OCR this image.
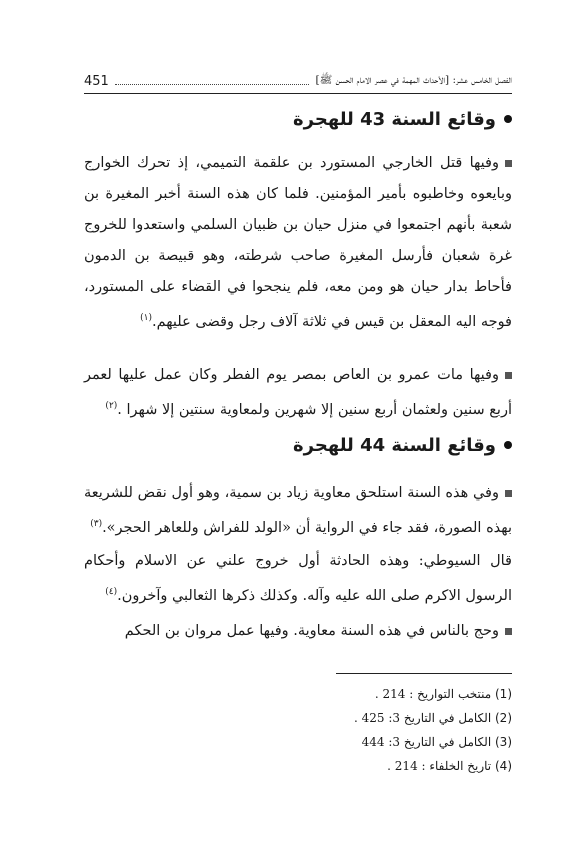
الفصل الخامس عشر: [الأحداث المهمة في عصر الامام الحسن ﷺ]
451
وقائع السنة 43 للهجرة
وفيها قتل الخارجي المستورد بن علقمة التميمي، إذ تحرك الخوارج وبايعوه وخاطبوه بأمير المؤمنين. فلما كان هذه السنة أخبر المغيرة بن شعبة بأنهم اجتمعوا في منزل حيان بن ظبيان السلمي واستعدوا للخروج غرة شعبان فأرسل المغيرة صاحب شرطته، وهو قبيصة بن الدمون فأحاط بدار حيان هو ومن معه، فلم ينجحوا في القضاء على المستورد، فوجه اليه المعقل بن قيس في ثلاثة آلاف رجل وقضى عليهم.$^{(١)}$
وفيها مات عمرو بن العاص بمصر يوم الفطر وكان عمل عليها لعمر أربع سنين ولعثمان أربع سنين إلا شهرين ولمعاوية سنتين إلا شهرا .$^{(٢)}$
وقائع السنة 44 للهجرة
وفي هذه السنة استلحق معاوية زياد بن سمية، وهو أول نقض للشريعة بهذه الصورة، فقد جاء في الرواية أن «الولد للفراش وللعاهر الحجر».$^{(٣)}$
قال السيوطي: وهذه الحادثة أول خروج علني عن الاسلام وأحكام الرسول الاكرم صلى الله عليه وآله. وكذلك ذكرها الثعالبي وآخرون.$^{(٤)}$
وحج بالناس في هذه السنة معاوية. وفيها عمل مروان بن الحكم
(1) منتخب التواريخ : 214 .
(2) الكامل في التاريخ 3: 425 .
(3) الكامل في التاريخ 3: 444
(4) تاريخ الخلفاء : 214 .
